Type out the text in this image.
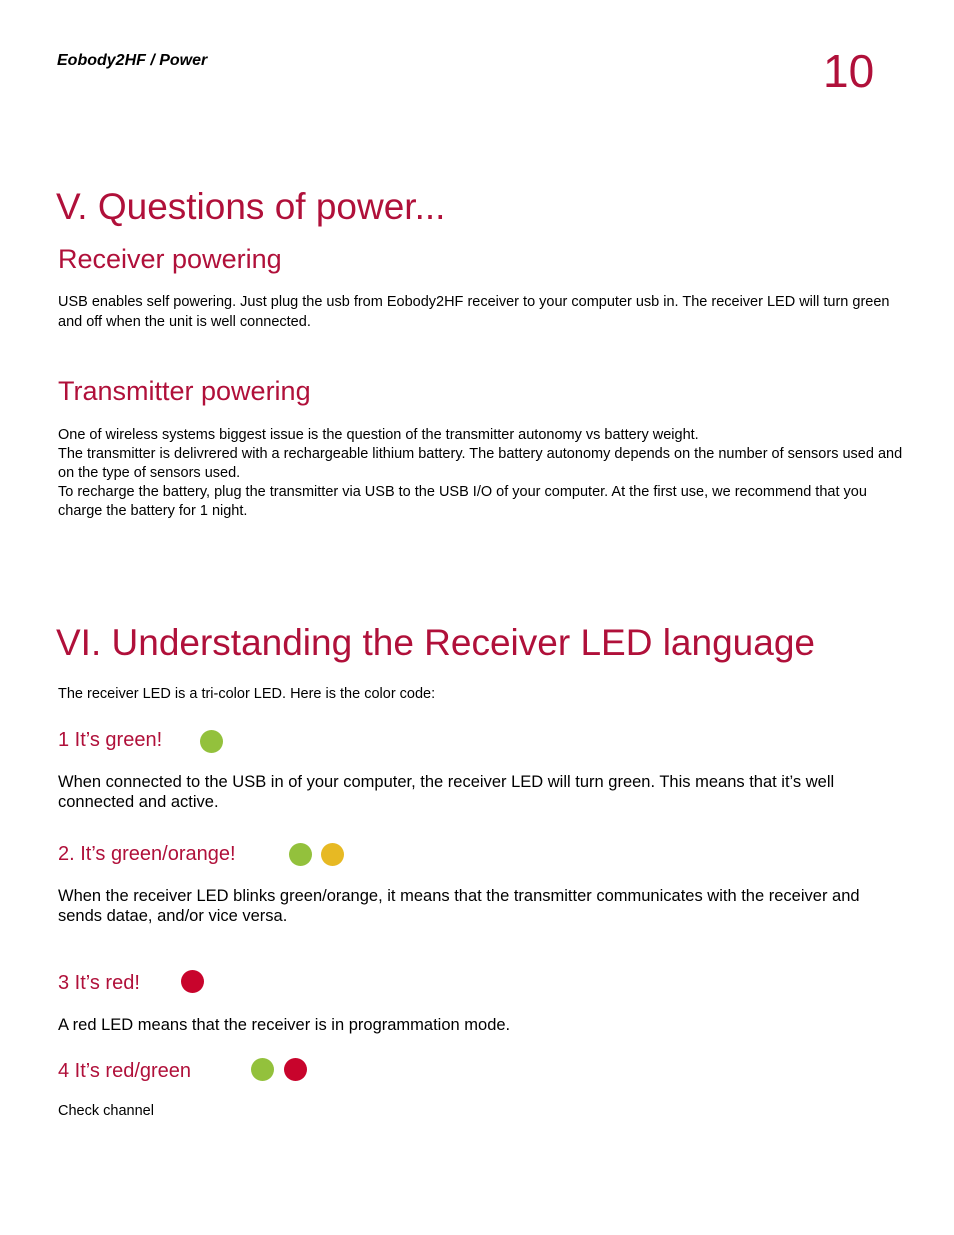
Eobody2HF / Power	10
V. Questions of power...
Receiver powering

USB enables self powering. Just plug the usb from Eobody2HF receiver to your computer usb in. The receiver LED will turn green and off when the unit is well connected.

Transmitter powering

One of wireless systems biggest issue is the question of the transmitter autonomy vs battery weight.

The transmitter is delivrered with a rechargeable lithium battery. The battery autonomy depends on the number of sensors used and on the type of sensors used.

To recharge the battery, plug the transmitter via USB to the USB I/O of your computer. At the first use, we recommend that you charge the battery for 1 night.

VI. Understanding the Receiver LED language

The receiver LED is a tri-color LED. Here is the color code:

1 It’s green!

When connected to the USB in of your computer, the receiver LED will turn green. This means that it’s well connected and active.

2. It’s green/orange!

When the receiver LED blinks green/orange, it means that the transmitter communicates with the receiver and sends datae, and/or vice versa.

3 It’s red!

A red LED means that the receiver is in programmation mode.

4 It’s red/green

Check channel
